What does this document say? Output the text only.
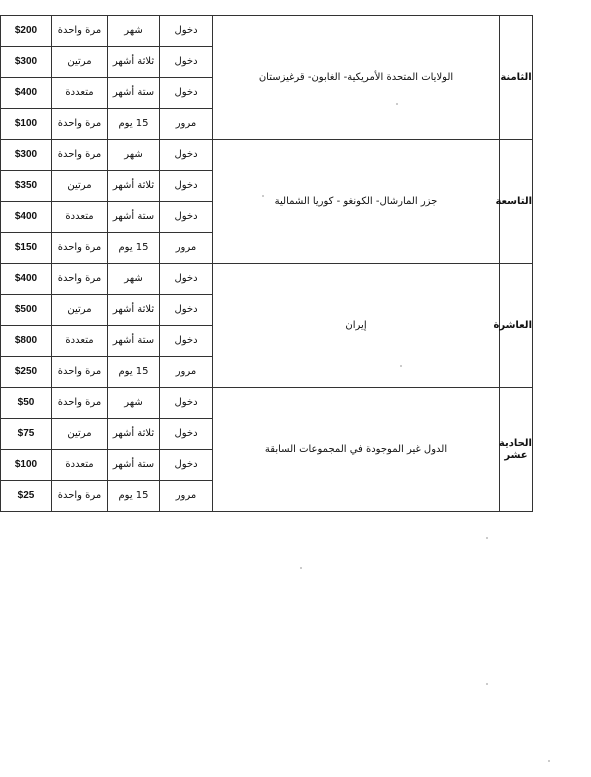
$200	مرة واحدة	شهر	دخول	الولايات المتحدة الأمريكية- الغابون- قرغيزستان	الثامنة
$300	مرتين	ثلاثة أشهر	دخول		
$400	متعددة	ستة أشهر	دخول		
$100	مرة واحدة	15 يوم	مرور		
$300	مرة واحدة	شهر	دخول	جزر المارشال- الكونغو - كوريا الشمالية	التاسعة
$350	مرتين	ثلاثة أشهر	دخول		
$400	متعددة	ستة أشهر	دخول		
$150	مرة واحدة	15 يوم	مرور		
$400	مرة واحدة	شهر	دخول	إيران	العاشرة
$500	مرتين	ثلاثة أشهر	دخول		
$800	متعددة	ستة أشهر	دخول		
$250	مرة واحدة	15 يوم	مرور		
$50	مرة واحدة	شهر	دخول	الدول غير الموجودة في المجموعات السابقة	الحادية عشر
$75	مرتين	ثلاثة أشهر	دخول		
$100	متعددة	ستة أشهر	دخول		
$25	مرة واحدة	15 يوم	مرور		
